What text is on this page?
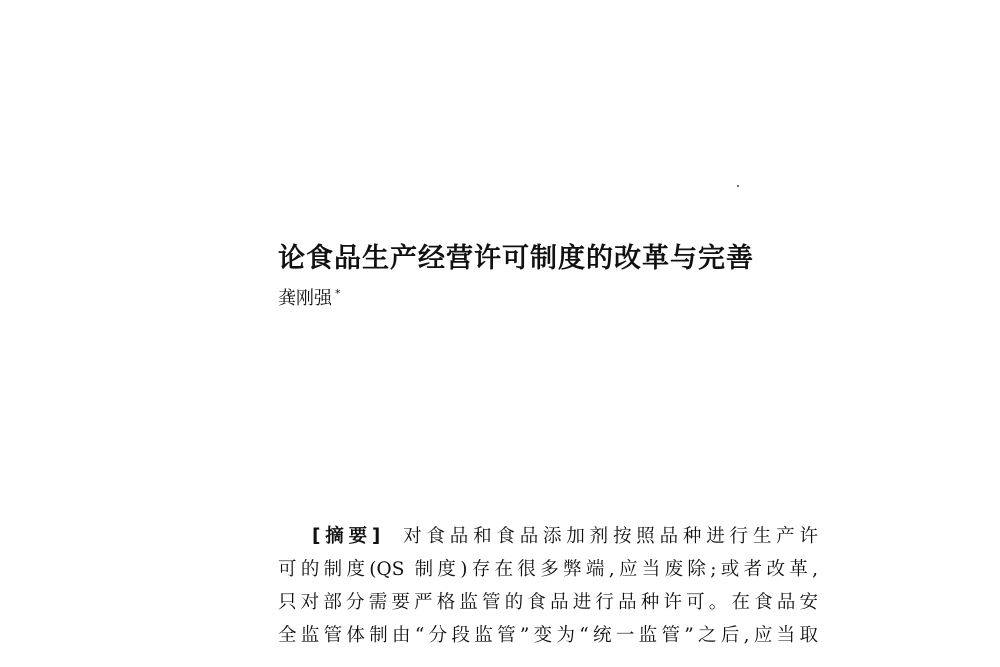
论食品生产经营许可制度的改革与完善
龚刚强 *
[摘要] 对食品和食品添加剂按照品种进行生产许
可的制度(QS 制度)存在很多弊端,应当废除;或者改革,
只对部分需要严格监管的食品进行品种许可。在食品安
全监管体制由“分段监管”变为“统一监管”之后,应当取
